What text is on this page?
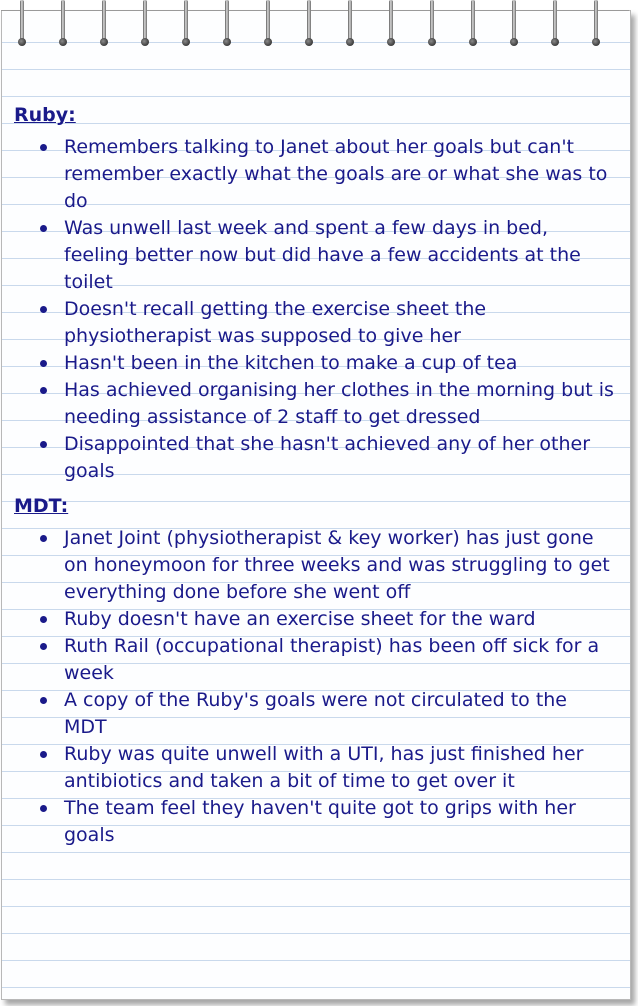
Ruby:
Remembers talking to Janet about her goals but can't remember exactly what the goals are or what she was to do
Was unwell last week and spent a few days in bed, feeling better now but did have a few accidents at the toilet
Doesn't recall getting the exercise sheet the physiotherapist was supposed to give her
Hasn't been in the kitchen to make a cup of tea
Has achieved organising her clothes in the morning but is needing assistance of 2 staff to get dressed
Disappointed that she hasn't achieved any of her other goals
MDT:
Janet Joint (physiotherapist & key worker) has just gone on honeymoon for three weeks and was struggling to get everything done before she went off
Ruby doesn't have an exercise sheet for the ward
Ruth Rail (occupational therapist) has been off sick for a week
A copy of the Ruby's goals were not circulated to the MDT
Ruby was quite unwell with a UTI, has just finished her antibiotics and taken a bit of time to get over it
The team feel they haven't quite got to grips with her goals
